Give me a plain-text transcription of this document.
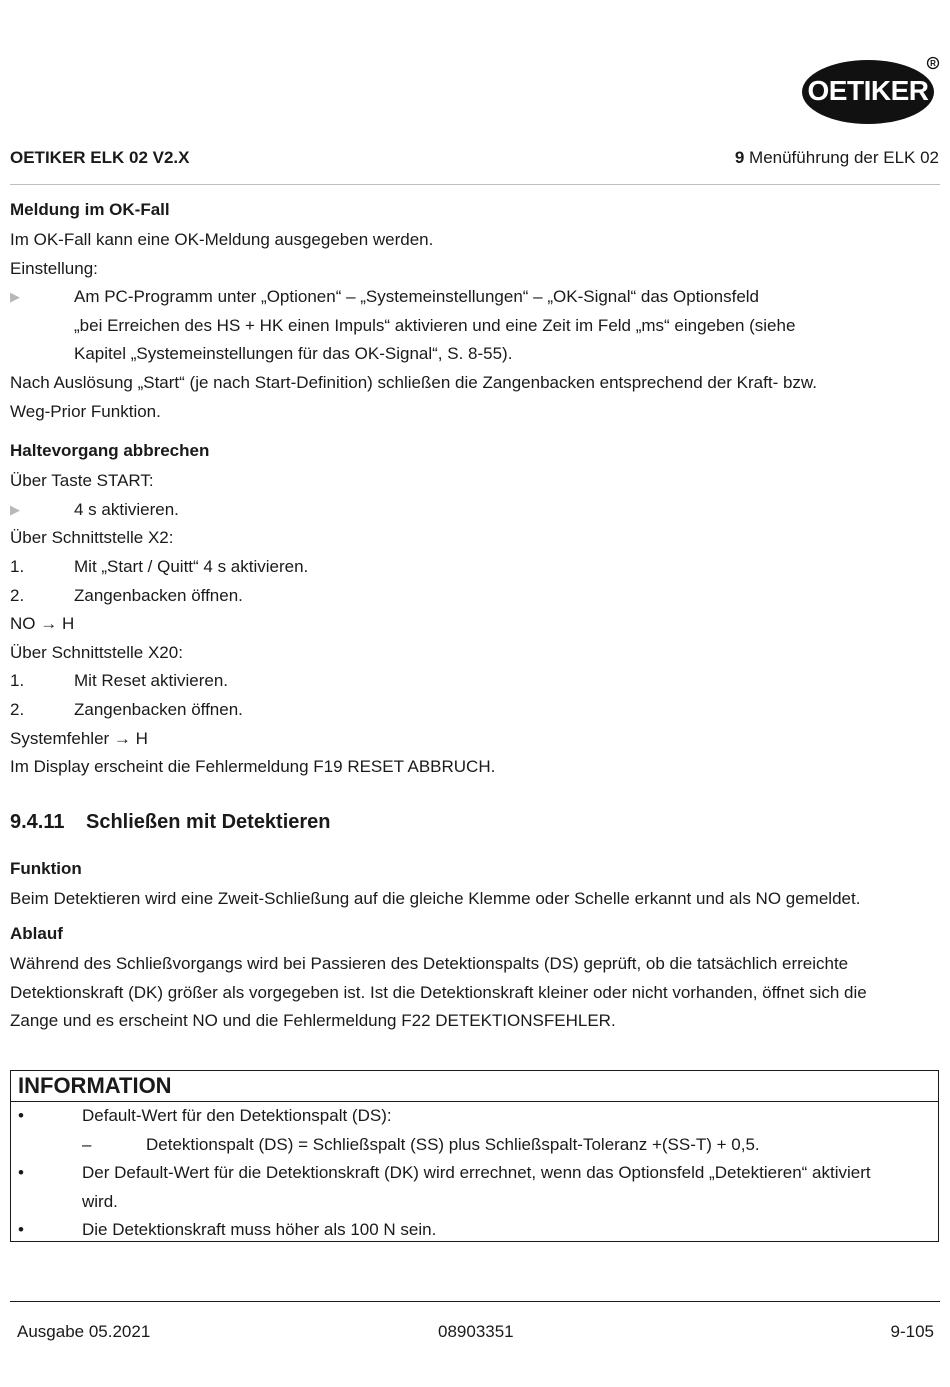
OETIKER
R
OETIKER ELK 02 V2.X	9 Menüführung der ELK 02
Meldung im OK-Fall
Im OK-Fall kann eine OK-Meldung ausgegeben werden.
Einstellung:
▶	Am PC-Programm unter „Optionen“ – „Systemeinstellungen“ – „OK-Signal“ das Optionsfeld
„bei Erreichen des HS + HK einen Impuls“ aktivieren und eine Zeit im Feld „ms“ eingeben (siehe
Kapitel „Systemeinstellungen für das OK-Signal“, S. 8-55).
Nach Auslösung „Start“ (je nach Start-Definition) schließen die Zangenbacken entsprechend der Kraft- bzw.
Weg-Prior Funktion.
Haltevorgang abbrechen
Über Taste START:
▶	4 s aktivieren.
Über Schnittstelle X2:
1.	Mit „Start / Quitt“ 4 s aktivieren.
2.	Zangenbacken öffnen.
NO → H
Über Schnittstelle X20:
1.	Mit Reset aktivieren.
2.	Zangenbacken öffnen.
Systemfehler → H
Im Display erscheint die Fehlermeldung F19 RESET ABBRUCH.
9.4.11 Schließen mit Detektieren
Funktion
Beim Detektieren wird eine Zweit-Schließung auf die gleiche Klemme oder Schelle erkannt und als NO gemeldet.
Ablauf
Während des Schließvorgangs wird bei Passieren des Detektionspalts (DS) geprüft, ob die tatsächlich erreichte
Detektionskraft (DK) größer als vorgegeben ist. Ist die Detektionskraft kleiner oder nicht vorhanden, öffnet sich die
Zange und es erscheint NO und die Fehlermeldung F22 DETEKTIONSFEHLER.
INFORMATION
•	Default-Wert für den Detektionspalt (DS):
–	Detektionspalt (DS) = Schließspalt (SS) plus Schließspalt-Toleranz +(SS-T) + 0,5.
•	Der Default-Wert für die Detektionskraft (DK) wird errechnet, wenn das Optionsfeld „Detektieren“ aktiviert
wird.
•	Die Detektionskraft muss höher als 100 N sein.
Ausgabe 05.2021	08903351	9-105
